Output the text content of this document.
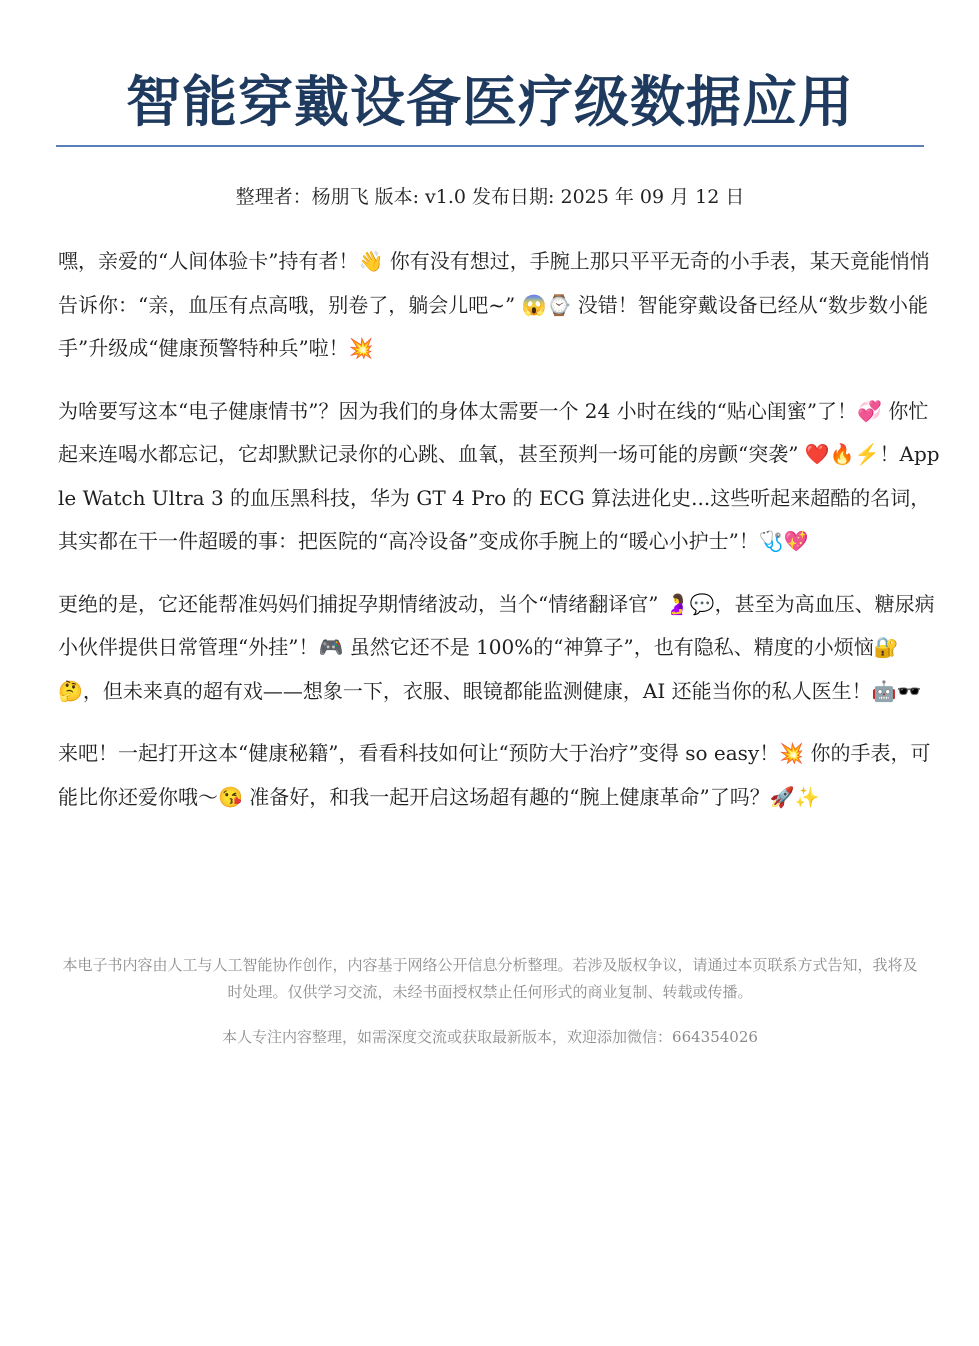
智能穿戴设备医疗级数据应用
整理者：杨朋飞 版本: v1.0 发布日期: 2025 年 09 月 12 日

嘿，亲爱的“人间体验卡”持有者！👋 你有没有想过，手腕上那只平平无奇的小手表，某天竟能悄悄告诉你：“亲，血压有点高哦，别卷了，躺会儿吧~” 😱⌚ 没错！智能穿戴设备已经从“数步数小能手”升级成“健康预警特种兵”啦！💥

为啥要写这本“电子健康情书”？因为我们的身体太需要一个 24 小时在线的“贴心闺蜜”了！💞 你忙起来连喝水都忘记，它却默默记录你的心跳、血氧，甚至预判一场可能的房颤“突袭” ❤️🔥⚡！Apple Watch Ultra 3 的血压黑科技，华为 GT 4 Pro 的 ECG 算法进化史...这些听起来超酷的名词，其实都在干一件超暖的事：把医院的“高冷设备”变成你手腕上的“暖心小护士”！🩺💖

更绝的是，它还能帮准妈妈们捕捉孕期情绪波动，当个“情绪翻译官” 🤰💬，甚至为高血压、糖尿病小伙伴提供日常管理“外挂”！🎮 虽然它还不是 100%的“神算子”，也有隐私、精度的小烦恼🔐🤔，但未来真的超有戏——想象一下，衣服、眼镜都能监测健康，AI 还能当你的私人医生！🤖🕶️

来吧！一起打开这本“健康秘籍”，看看科技如何让“预防大于治疗”变得 so easy！💥 你的手表，可能比你还爱你哦～😘 准备好，和我一起开启这场超有趣的“腕上健康革命”了吗？🚀✨

本电子书内容由人工与人工智能协作创作，内容基于网络公开信息分析整理。若涉及版权争议，请通过本页联系方式告知，我将及时处理。仅供学习交流，未经书面授权禁止任何形式的商业复制、转载或传播。

本人专注内容整理，如需深度交流或获取最新版本，欢迎添加微信：664354026
